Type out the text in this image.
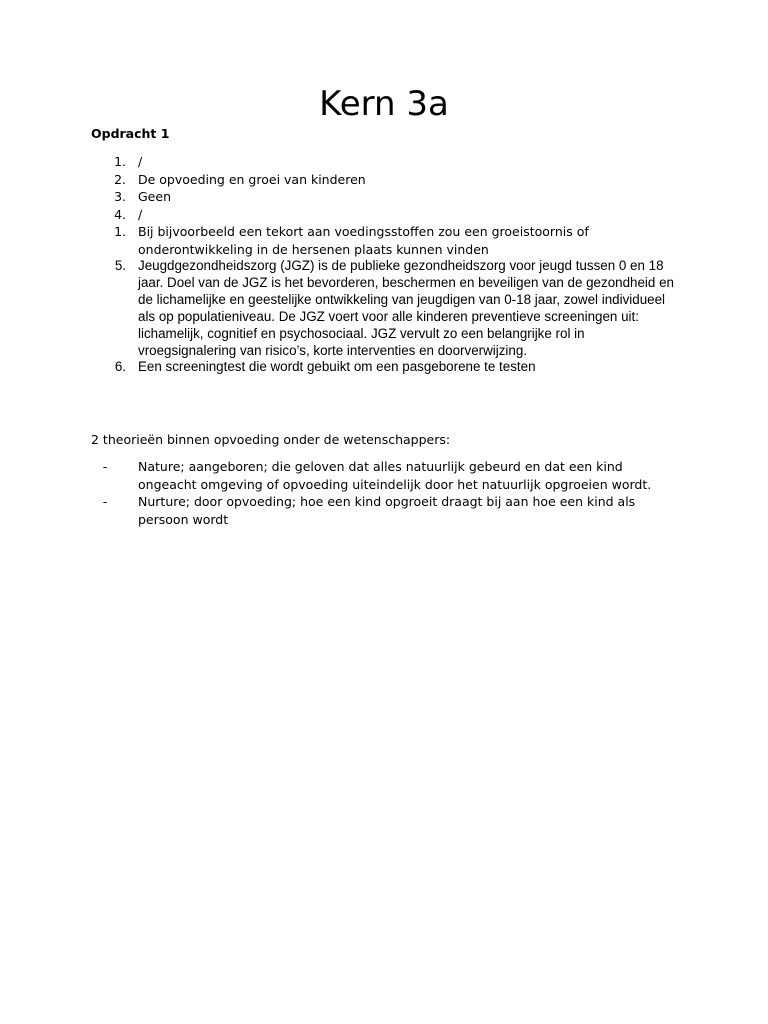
Kern 3a
Opdracht 1
1. /
2. De opvoeding en groei van kinderen
3. Geen
4. /
1. Bij bijvoorbeeld een tekort aan voedingsstoffen zou een groeistoornis of onderontwikkeling in de hersenen plaats kunnen vinden
5. Jeugdgezondheidszorg (JGZ) is de publieke gezondheidszorg voor jeugd tussen 0 en 18 jaar. Doel van de JGZ is het bevorderen, beschermen en beveiligen van de gezondheid en de lichamelijke en geestelijke ontwikkeling van jeugdigen van 0-18 jaar, zowel individueel als op populatieniveau. De JGZ voert voor alle kinderen preventieve screeningen uit: lichamelijk, cognitief en psychosociaal. JGZ vervult zo een belangrijke rol in vroegsignalering van risico’s, korte interventies en doorverwijzing.
6. Een screeningtest die wordt gebuikt om een pasgeborene te testen
2 theorieën binnen opvoeding onder de wetenschappers:
-	Nature; aangeboren; die geloven dat alles natuurlijk gebeurd en dat een kind ongeacht omgeving of opvoeding uiteindelijk door het natuurlijk opgroeien wordt.
-	Nurture; door opvoeding; hoe een kind opgroeit draagt bij aan hoe een kind als persoon wordt
